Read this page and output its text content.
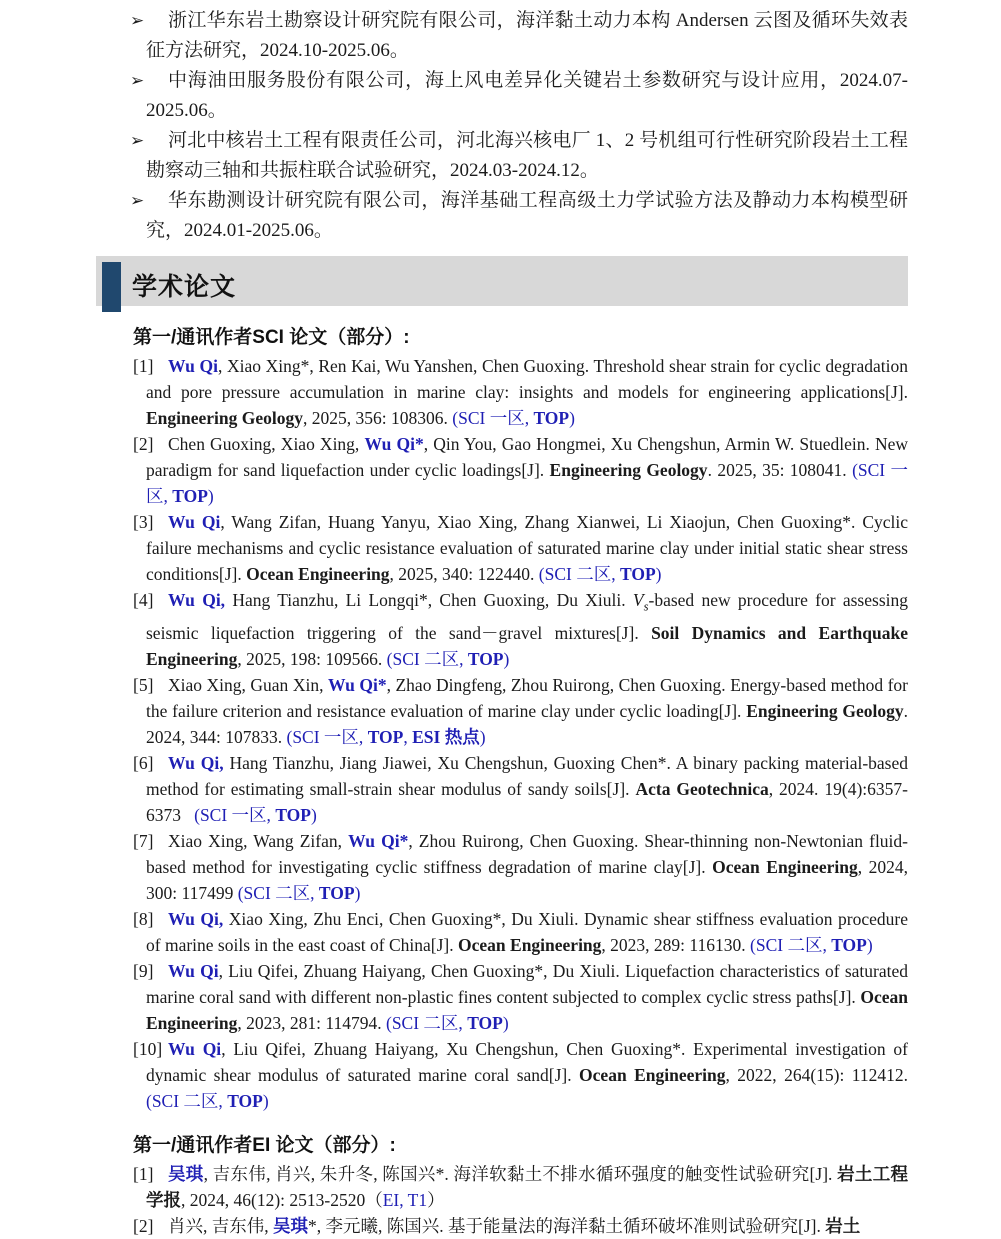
➢ 浙江华东岩土勘察设计研究院有限公司，海洋黏土动力本构 Andersen 云图及循环失效表征方法研究，2024.10-2025.06。
➢ 中海油田服务股份有限公司，海上风电差异化关键岩土参数研究与设计应用，2024.07-2025.06。
➢ 河北中核岩土工程有限责任公司，河北海兴核电厂 1、2 号机组可行性研究阶段岩土工程勘察动三轴和共振柱联合试验研究，2024.03-2024.12。
➢ 华东勘测设计研究院有限公司，海洋基础工程高级土力学试验方法及静动力本构模型研究，2024.01-2025.06。
学术论文
第一/通讯作者SCI 论文（部分）:
[1] Wu Qi, Xiao Xing*, Ren Kai, Wu Yanshen, Chen Guoxing. Threshold shear strain for cyclic degradation and pore pressure accumulation in marine clay: insights and models for engineering applications[J]. Engineering Geology, 2025, 356: 108306. (SCI 一区, TOP)
[2] Chen Guoxing, Xiao Xing, Wu Qi*, Qin You, Gao Hongmei, Xu Chengshun, Armin W. Stuedlein. New paradigm for sand liquefaction under cyclic loadings[J]. Engineering Geology. 2025, 35: 108041. (SCI 一区, TOP)
[3] Wu Qi, Wang Zifan, Huang Yanyu, Xiao Xing, Zhang Xianwei, Li Xiaojun, Chen Guoxing*. Cyclic failure mechanisms and cyclic resistance evaluation of saturated marine clay under initial static shear stress conditions[J]. Ocean Engineering, 2025, 340: 122440. (SCI 二区, TOP)
[4] Wu Qi, Hang Tianzhu, Li Longqi*, Chen Guoxing, Du Xiuli. $V_s$-based new procedure for assessing seismic liquefaction triggering of the sand－gravel mixtures[J]. Soil Dynamics and Earthquake Engineering, 2025, 198: 109566. (SCI 二区, TOP)
[5] Xiao Xing, Guan Xin, Wu Qi*, Zhao Dingfeng, Zhou Ruirong, Chen Guoxing. Energy-based method for the failure criterion and resistance evaluation of marine clay under cyclic loading[J]. Engineering Geology. 2024, 344: 107833. (SCI 一区, TOP, ESI 热点)
[6] Wu Qi, Hang Tianzhu, Jiang Jiawei, Xu Chengshun, Guoxing Chen*. A binary packing material-based method for estimating small-strain shear modulus of sandy soils[J]. Acta Geotechnica, 2024. 19(4):6357-6373   (SCI 一区, TOP)
[7] Xiao Xing, Wang Zifan, Wu Qi*, Zhou Ruirong, Chen Guoxing. Shear-thinning non-Newtonian fluid-based method for investigating cyclic stiffness degradation of marine clay[J]. Ocean Engineering, 2024, 300: 117499 (SCI 二区, TOP)
[8] Wu Qi, Xiao Xing, Zhu Enci, Chen Guoxing*, Du Xiuli. Dynamic shear stiffness evaluation procedure of marine soils in the east coast of China[J]. Ocean Engineering, 2023, 289: 116130. (SCI 二区, TOP)
[9] Wu Qi, Liu Qifei, Zhuang Haiyang, Chen Guoxing*, Du Xiuli. Liquefaction characteristics of saturated marine coral sand with different non-plastic fines content subjected to complex cyclic stress paths[J]. Ocean Engineering, 2023, 281: 114794. (SCI 二区, TOP)
[10] Wu Qi, Liu Qifei, Zhuang Haiyang, Xu Chengshun, Chen Guoxing*. Experimental investigation of dynamic shear modulus of saturated marine coral sand[J]. Ocean Engineering, 2022, 264(15): 112412. (SCI 二区, TOP)
第一/通讯作者EI 论文（部分）:
[1] 吴琪, 吉东伟, 肖兴, 朱升冬, 陈国兴*. 海洋软黏土不排水循环强度的触变性试验研究[J]. 岩土工程学报, 2024, 46(12): 2513-2520（EI, T1）
[2] 肖兴, 吉东伟, 吴琪*, 李元曦, 陈国兴. 基于能量法的海洋黏土循环破坏准则试验研究[J]. 岩土
